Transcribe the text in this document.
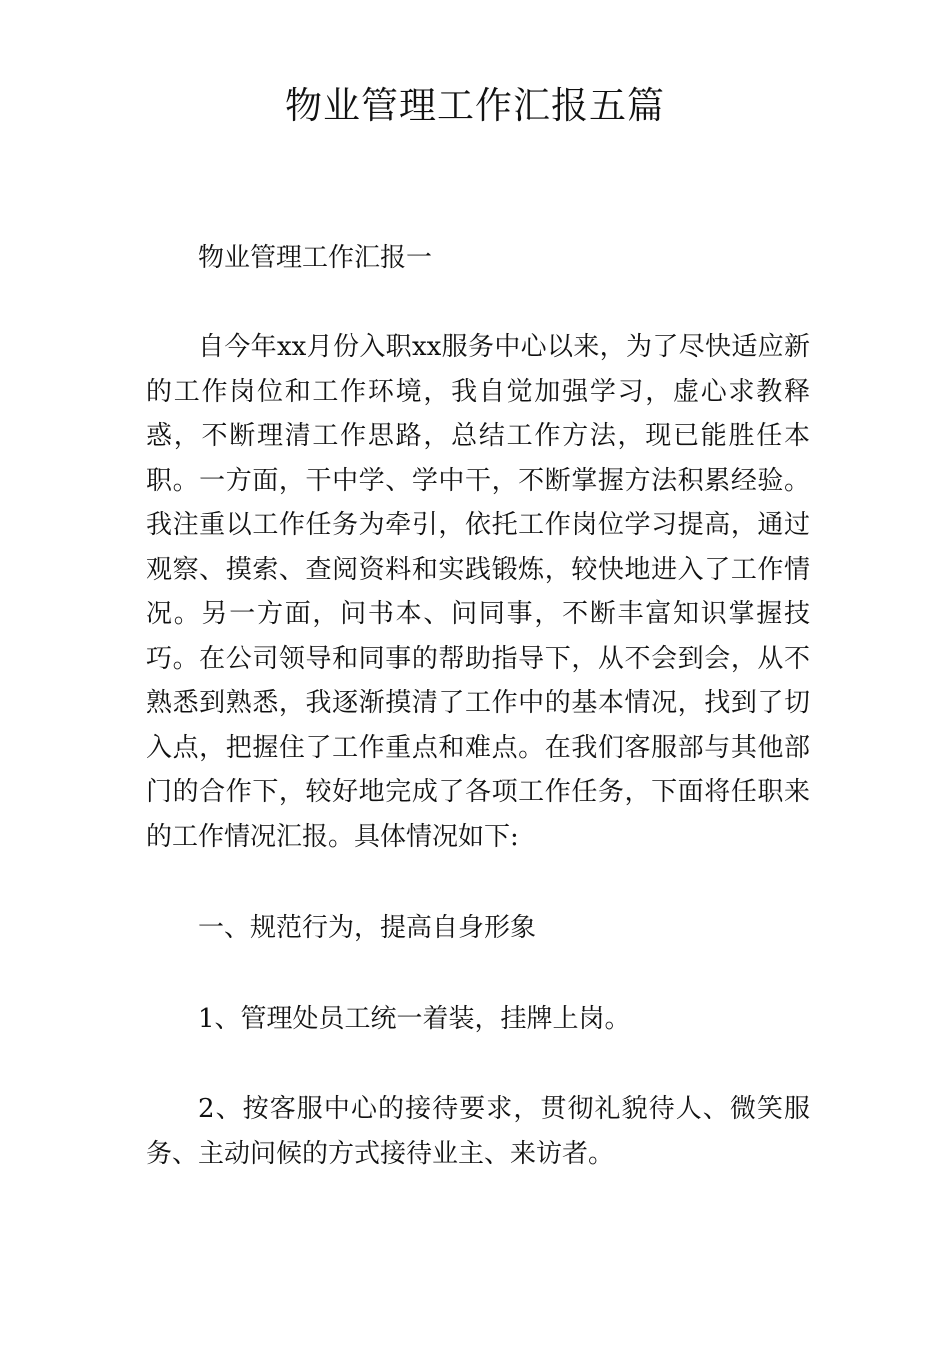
物业管理工作汇报五篇

物业管理工作汇报一

自今年xx月份入职xx服务中心以来，为了尽快适应新的工作岗位和工作环境，我自觉加强学习，虚心求教释惑，不断理清工作思路，总结工作方法，现已能胜任本职。一方面，干中学、学中干，不断掌握方法积累经验。我注重以工作任务为牵引，依托工作岗位学习提高，通过观察、摸索、查阅资料和实践锻炼，较快地进入了工作情况。另一方面，问书本、问同事，不断丰富知识掌握技巧。在公司领导和同事的帮助指导下，从不会到会，从不熟悉到熟悉，我逐渐摸清了工作中的基本情况，找到了切入点，把握住了工作重点和难点。在我们客服部与其他部门的合作下，较好地完成了各项工作任务，下面将任职来的工作情况汇报。具体情况如下:

一、规范行为，提高自身形象

1、管理处员工统一着装，挂牌上岗。

2、按客服中心的接待要求，贯彻礼貌待人、微笑服务、主动问候的方式接待业主、来访者。
